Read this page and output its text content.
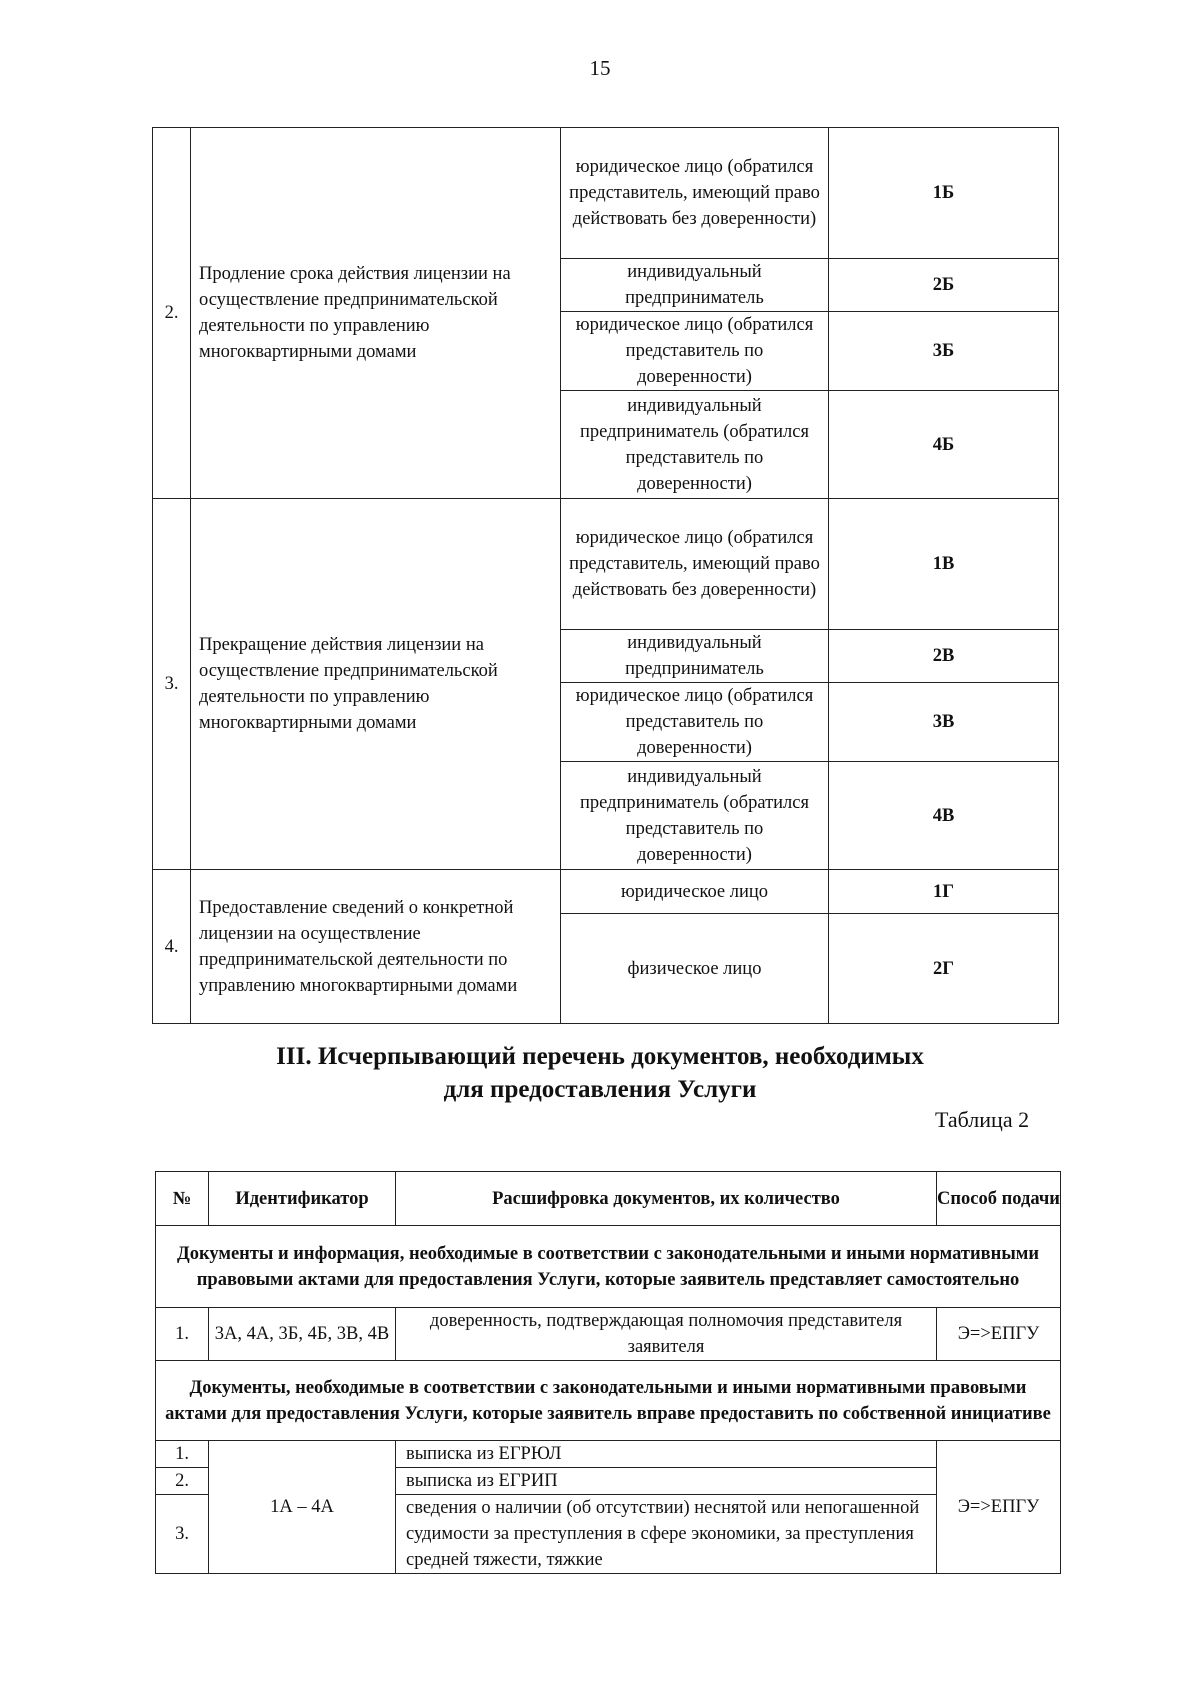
15
2.	Продление срока действия лицензии на осуществление предпринимательской деятельности по управлению многоквартирными домами	юридическое лицо (обратился представитель, имеющий право действовать без доверенности)	1Б
		индивидуальный предприниматель	2Б
		юридическое лицо (обратился представитель по доверенности)	3Б
		индивидуальный предприниматель (обратился представитель по доверенности)	4Б
3.	Прекращение действия лицензии на осуществление предпринимательской деятельности по управлению многоквартирными домами	юридическое лицо (обратился представитель, имеющий право действовать без доверенности)	1В
		индивидуальный предприниматель	2В
		юридическое лицо (обратился представитель по доверенности)	3В
		индивидуальный предприниматель (обратился представитель по доверенности)	4В
4.	Предоставление сведений о конкретной лицензии на осуществление предпринимательской деятельности по управлению многоквартирными домами	юридическое лицо	1Г
		физическое лицо	2Г
III. Исчерпывающий перечень документов, необходимых
для предоставления Услуги
Таблица 2
№	Идентификатор	Расшифровка документов, их количество	Способ подачи
Документы и информация, необходимые в соответствии с законодательными и иными нормативными правовыми актами для предоставления Услуги, которые заявитель представляет самостоятельно			
1.	3А, 4А, 3Б, 4Б, 3В, 4В	доверенность, подтверждающая полномочия представителя заявителя	Э=>ЕПГУ
Документы, необходимые в соответствии с законодательными и иными нормативными правовыми актами для предоставления Услуги, которые заявитель вправе предоставить по собственной инициативе			
1.	1А – 4А	выписка из ЕГРЮЛ	Э=>ЕПГУ
2.		выписка из ЕГРИП	
3.		сведения о наличии (об отсутствии) неснятой или непогашенной судимости за преступления в сфере экономики, за преступления средней тяжести, тяжкие	
